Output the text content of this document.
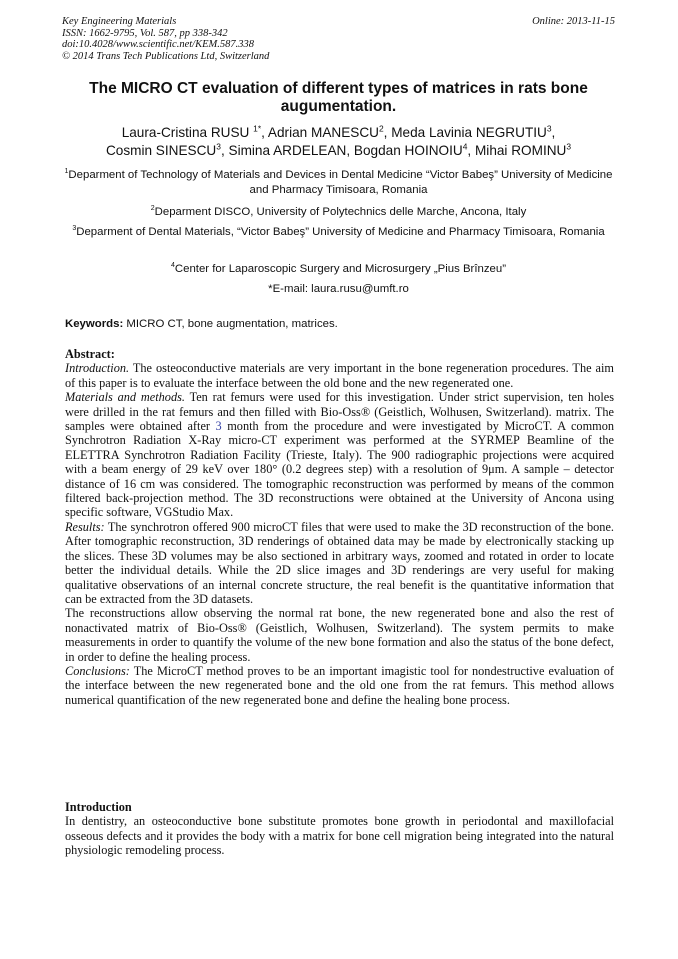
Key Engineering Materials
ISSN: 1662-9795, Vol. 587, pp 338-342
doi:10.4028/www.scientific.net/KEM.587.338
© 2014 Trans Tech Publications Ltd, Switzerland
Online: 2013-11-15
The MICRO CT evaluation of different types of matrices in rats bone augumentation.
Laura-Cristina RUSU $^{1*}$, Adrian MANESCU$^2$, Meda Lavinia NEGRUTIU$^3$,
Cosmin SINESCU$^3$, Simina ARDELEAN, Bogdan HOINOIU$^4$, Mihai ROMINU$^3$
$^1$Deparment of Technology of Materials and Devices in Dental Medicine “Victor Babeş” University of Medicine and Pharmacy Timisoara, Romania
$^2$Deparment DISCO, University of Polytechnics delle Marche, Ancona, Italy
$^3$Deparment of Dental Materials, “Victor Babeş” University of Medicine and Pharmacy Timisoara, Romania
$^4$Center for Laparoscopic Surgery and Microsurgery „Pius Brînzeu”
*E-mail: laura.rusu@umft.ro
Keywords: MICRO CT, bone augmentation, matrices.

Abstract:

Introduction. The osteoconductive materials are very important in the bone regeneration procedures. The aim of this paper is to evaluate the interface between the old bone and the new regenerated one.

Materials and methods. Ten rat femurs were used for this investigation. Under strict supervision, ten holes were drilled in the rat femurs and then filled with Bio-Oss® (Geistlich, Wolhusen, Switzerland). matrix. The samples were obtained after 3 month from the procedure and were investigated by MicroCT. A common Synchrotron Radiation X-Ray micro-CT experiment was performed at the SYRMEP Beamline of the ELETTRA Synchrotron Radiation Facility (Trieste, Italy). The 900 radiographic projections were acquired with a beam energy of 29 keV over 180° (0.2 degrees step) with a resolution of 9μm. A sample – detector distance of 16 cm was considered. The tomographic reconstruction was performed by means of the common filtered back-projection method. The 3D reconstructions were obtained at the University of Ancona using specific software, VGStudio Max.

Results: The synchrotron offered 900 microCT files that were used to make the 3D reconstruction of the bone. After tomographic reconstruction, 3D renderings of obtained data may be made by electronically stacking up the slices. These 3D volumes may be also sectioned in arbitrary ways, zoomed and rotated in order to locate better the individual details. While the 2D slice images and 3D renderings are very useful for making qualitative observations of an internal concrete structure, the real benefit is the quantitative information that can be extracted from the 3D datasets.

The reconstructions allow observing the normal rat bone, the new regenerated bone and also the rest of nonactivated matrix of Bio-Oss® (Geistlich, Wolhusen, Switzerland). The system permits to make measurements in order to quantify the volume of the new bone formation and also the status of the bone defect, in order to define the healing process.

Conclusions: The MicroCT method proves to be an important imagistic tool for nondestructive evaluation of the interface between the new regenerated bone and the old one from the rat femurs. This method allows numerical quantification of the new regenerated bone and define the healing bone process.

Introduction

In dentistry, an osteoconductive bone substitute promotes bone growth in periodontal and maxillofacial osseous defects and it provides the body with a matrix for bone cell migration being integrated into the natural physiologic remodeling process.
